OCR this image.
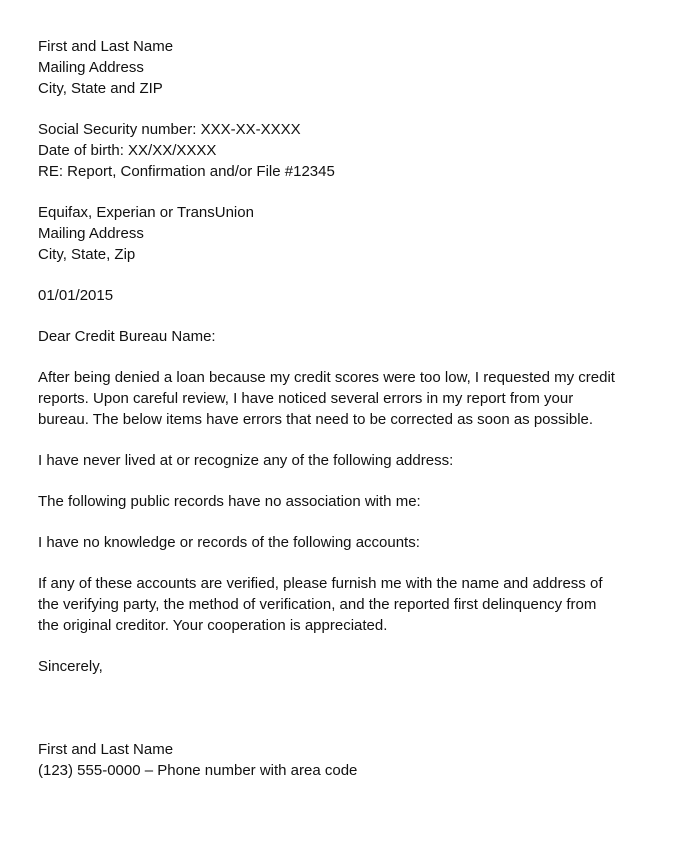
First and Last Name
Mailing Address
City, State and ZIP
Social Security number: XXX-XX-XXXX
Date of birth: XX/XX/XXXX
RE: Report, Confirmation and/or File #12345
Equifax, Experian or TransUnion
Mailing Address
City, State, Zip
01/01/2015
Dear Credit Bureau Name:
After being denied a loan because my credit scores were too low, I requested my credit
reports. Upon careful review, I have noticed several errors in my report from your
bureau. The below items have errors that need to be corrected as soon as possible.
I have never lived at or recognize any of the following address:
The following public records have no association with me:
I have no knowledge or records of the following accounts:
If any of these accounts are verified, please furnish me with the name and address of
the verifying party, the method of verification, and the reported first delinquency from
the original creditor. Your cooperation is appreciated.
Sincerely,
First and Last Name
(123) 555-0000 – Phone number with area code
